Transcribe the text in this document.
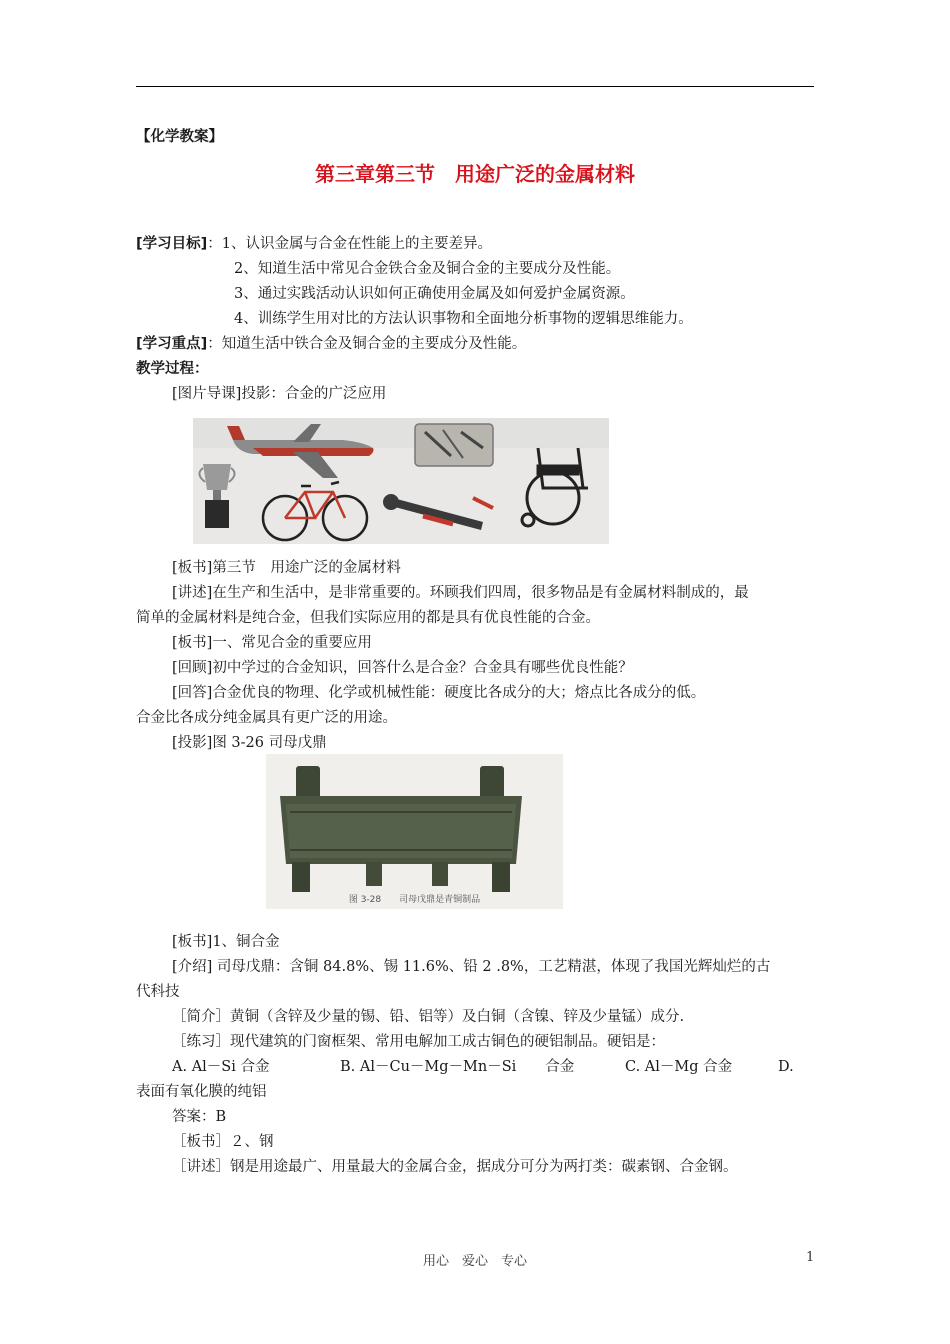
【化学教案】
第三章第三节　用途广泛的金属材料
[学习目标]：1、认识金属与合金在性能上的主要差异。
2、知道生活中常见合金铁合金及铜合金的主要成分及性能。
3、通过实践活动认识如何正确使用金属及如何爱护金属资源。
4、训练学生用对比的方法认识事物和全面地分析事物的逻辑思维能力。
[学习重点]：知道生活中铁合金及铜合金的主要成分及性能。
教学过程：
[图片导课]投影：合金的广泛应用
[板书]第三节　用途广泛的金属材料
[讲述]在生产和生活中，是非常重要的。环顾我们四周，很多物品是有金属材料制成的，最
简单的金属材料是纯合金，但我们实际应用的都是具有优良性能的合金。
[板书]一、常见合金的重要应用
[回顾]初中学过的合金知识，回答什么是合金？合金具有哪些优良性能？
[回答]合金优良的物理、化学或机械性能：硬度比各成分的大；熔点比各成分的低。
合金比各成分纯金属具有更广泛的用途。
[投影]图 3-26 司母戊鼎
图 3-28　　司母戊鼎是青铜制品
[板书]1、铜合金
[介绍] 司母戊鼎：含铜 84.8%、锡 11.6%、铅 2 .8%，工艺精湛，体现了我国光辉灿烂的古
代科技
［简介］黄铜（含锌及少量的锡、铅、铝等）及白铜（含镍、锌及少量锰）成分.
［练习］现代建筑的门窗框架、常用电解加工成古铜色的硬铝制品。硬铝是：
A. Al－Si 合金	B. Al－Cu－Mg－Mn－Si　　合金	C. Al－Mg 合金	D.
表面有氧化膜的纯铝
答案：B
［板书］２、钢
［讲述］钢是用途最广、用量最大的金属合金，据成分可分为两打类：碳素钢、合金钢。
用心　爱心　专心	1
